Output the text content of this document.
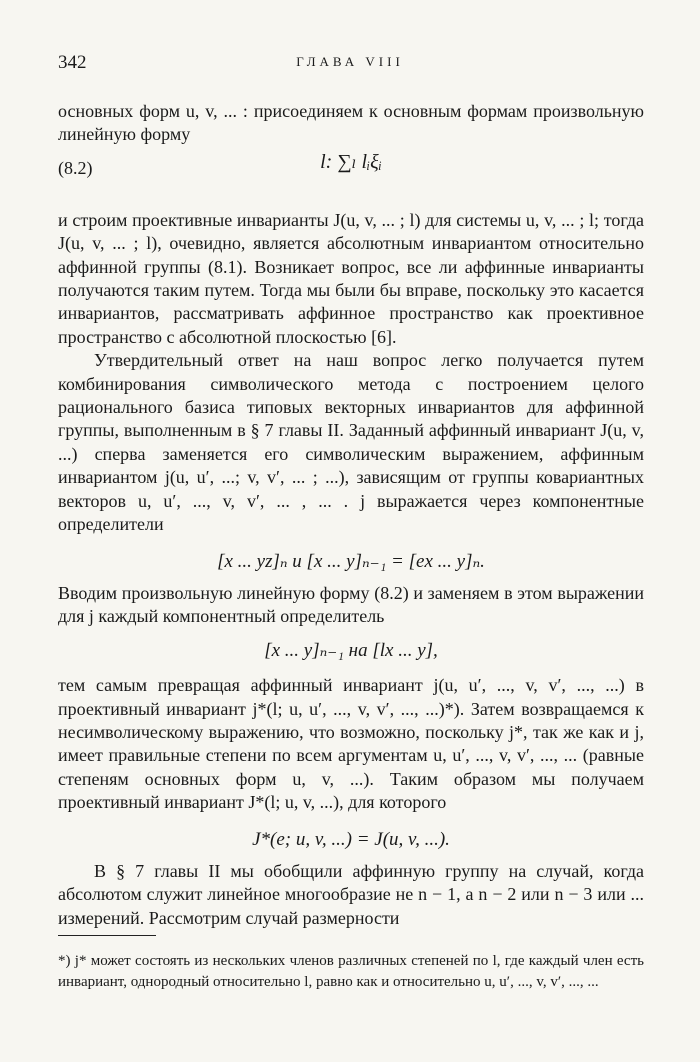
342	ГЛАВА VIII

основных форм u, v, ... : присоединяем к основным формам произвольную линейную форму

(8.2)	l: ∑ₗ lᵢξᵢ

и строим проективные инварианты J(u, v, ... ; l) для системы u, v, ... ; l; тогда J(u, v, ... ; l), очевидно, является абсолютным инвариантом относительно аффинной группы (8.1). Возникает вопрос, все ли аффинные инварианты получаются таким путем. Тогда мы были бы вправе, поскольку это касается инвариантов, рассматривать аффинное пространство как проективное пространство с абсолютной плоскостью [6].

Утвердительный ответ на наш вопрос легко получается путем комбинирования символического метода с построением целого рационального базиса типовых векторных инвариантов для аффинной группы, выполненным в § 7 главы II. Заданный аффинный инвариант J(u, v, ...) сперва заменяется его символическим выражением, аффинным инвариантом j(u, u′, ...; v, v′, ... ; ...), зависящим от группы ковариантных векторов u, u′, ..., v, v′, ... , ... . j выражается через компонентные определители

[x ... yz]ₙ и [x ... y]ₙ₋₁ = [ex ... y]ₙ.

Вводим произвольную линейную форму (8.2) и заменяем в этом выражении для j каждый компонентный определитель

[x ... y]ₙ₋₁ на [lx ... y],

тем самым превращая аффинный инвариант j(u, u′, ..., v, v′, ..., ...) в проективный инвариант j*(l; u, u′, ..., v, v′, ..., ...)*). Затем возвращаемся к несимволическому выражению, что возможно, поскольку j*, так же как и j, имеет правильные степени по всем аргументам u, u′, ..., v, v′, ..., ... (равные степеням основных форм u, v, ...). Таким образом мы получаем проективный инвариант J*(l; u, v, ...), для которого

J*(e; u, v, ...) = J(u, v, ...).

В § 7 главы II мы обобщили аффинную группу на случай, когда абсолютом служит линейное многообразие не n − 1, а n − 2 или n − 3 или ... измерений. Рассмотрим случай размерности

*) j* может состоять из нескольких членов различных степеней по l, где каждый член есть инвариант, однородный относительно l, равно как и относительно u, u′, ..., v, v′, ..., ...
